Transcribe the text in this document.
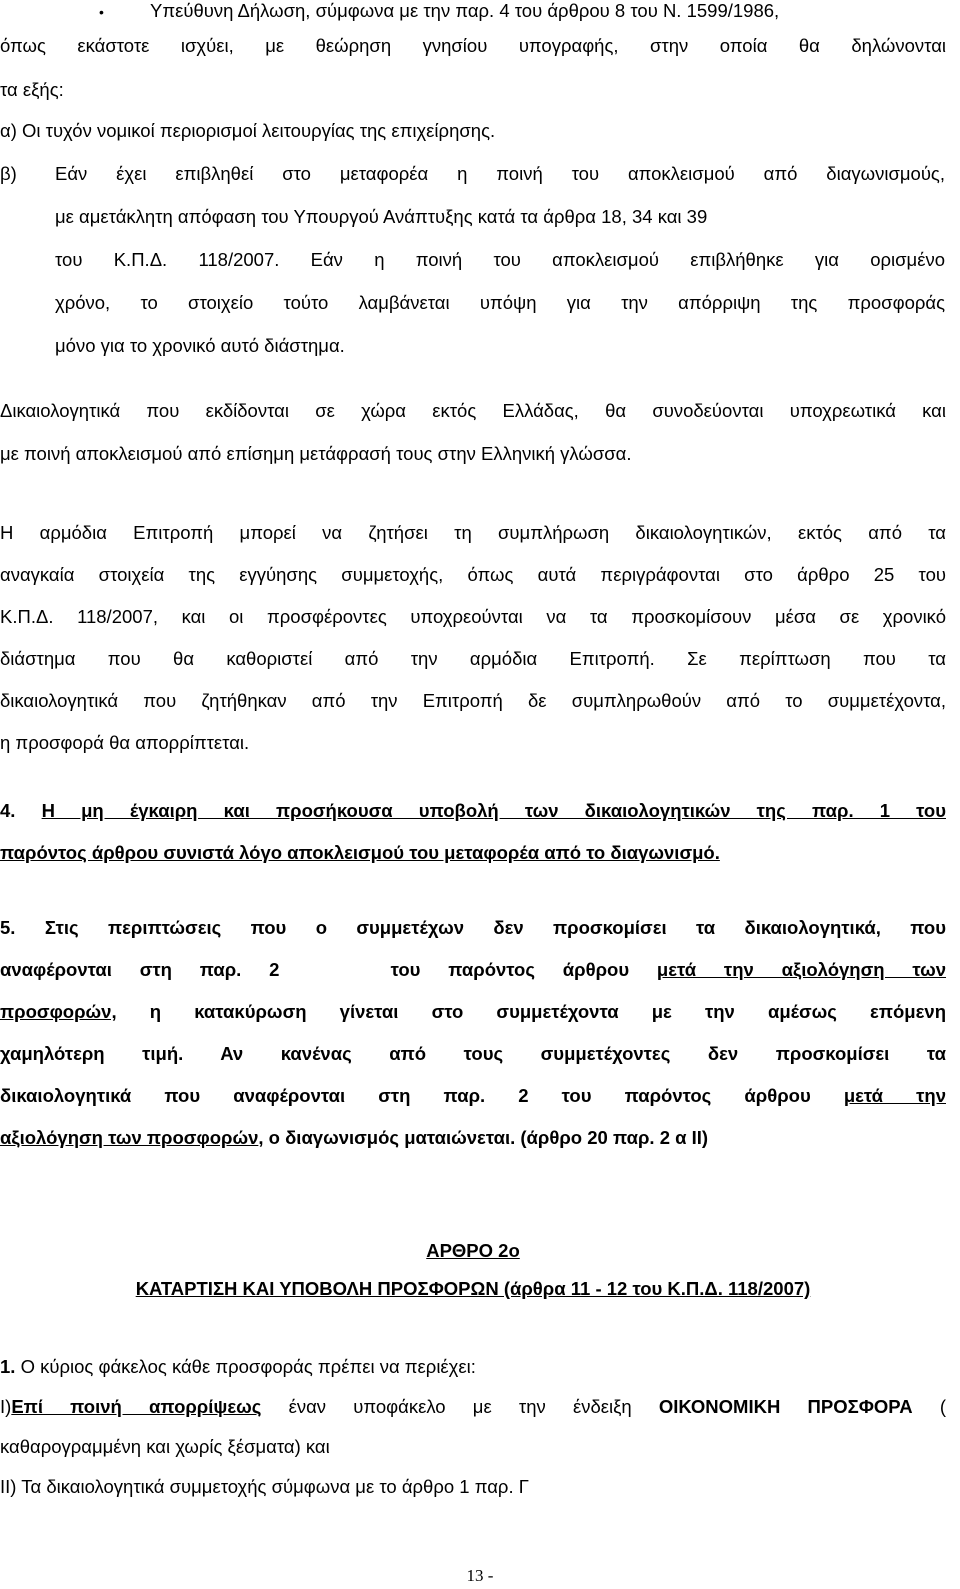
• Υπεύθυνη Δήλωση, σύμφωνα με την παρ. 4 του άρθρου 8 του Ν. 1599/1986,
όπως εκάστοτε ισχύει, με θεώρηση γνησίου υπογραφής, στην οποία θα δηλώνονται
τα εξής:
α) Οι τυχόν νομικοί περιορισμοί λειτουργίας της επιχείρησης.
β)	Εάν έχει επιβληθεί στο μεταφορέα η ποινή του αποκλεισμού από διαγωνισμούς,
με αμετάκλητη απόφαση του Υπουργού Ανάπτυξης κατά τα άρθρα 18, 34 και 39
του Κ.Π.Δ. 118/2007. Εάν η ποινή του αποκλεισμού επιβλήθηκε για ορισμένο
χρόνο, το στοιχείο τούτο λαμβάνεται υπόψη για την απόρριψη της προσφοράς
μόνο για το χρονικό αυτό διάστημα.
Δικαιολογητικά που εκδίδονται σε χώρα εκτός Ελλάδας, θα συνοδεύονται υποχρεωτικά και
με ποινή αποκλεισμού από επίσημη μετάφρασή τους στην Ελληνική γλώσσα.
Η αρμόδια Επιτροπή μπορεί να ζητήσει τη συμπλήρωση δικαιολογητικών, εκτός από τα
αναγκαία στοιχεία της εγγύησης συμμετοχής, όπως αυτά περιγράφονται στο άρθρο 25 του
Κ.Π.Δ. 118/2007, και οι προσφέροντες υποχρεούνται να τα προσκομίσουν μέσα σε χρονικό
διάστημα που θα καθοριστεί από την αρμόδια Επιτροπή. Σε περίπτωση που τα
δικαιολογητικά που ζητήθηκαν από την Επιτροπή δε συμπληρωθούν από το συμμετέχοντα,
η προσφορά θα απορρίπτεται.
4. Η μη έγκαιρη και προσήκουσα υποβολή των δικαιολογητικών της παρ. 1 του
παρόντος άρθρου συνιστά λόγο αποκλεισμού του μεταφορέα από το διαγωνισμό.
5. Στις περιπτώσεις που ο συμμετέχων δεν προσκομίσει τα δικαιολογητικά, που
αναφέρονται στη παρ. 2	του παρόντος άρθρου μετά την αξιολόγηση των
προσφορών, η κατακύρωση γίνεται στο συμμετέχοντα με την αμέσως επόμενη
χαμηλότερη τιμή. Αν κανένας από τους συμμετέχοντες δεν προσκομίσει τα
δικαιολογητικά που αναφέρονται στη παρ. 2 του παρόντος άρθρου μετά την
αξιολόγηση των προσφορών, ο διαγωνισμός ματαιώνεται. (άρθρο 20 παρ. 2 α ΙΙ)
ΑΡΘΡΟ 2ο
ΚΑΤΑΡΤΙΣΗ ΚΑΙ ΥΠΟΒΟΛΗ ΠΡΟΣΦΟΡΩΝ (άρθρα 11 - 12 του Κ.Π.Δ. 118/2007)
1. Ο κύριος φάκελος κάθε προσφοράς πρέπει να περιέχει:
Ι)Επί ποινή απορρίψεως έναν υποφάκελο με την ένδειξη ΟΙΚΟΝΟΜΙΚΗ ΠΡΟΣΦΟΡΑ (
καθαρογραμμένη και χωρίς ξέσματα) και
ΙΙ) Τα δικαιολογητικά συμμετοχής σύμφωνα με το άρθρο 1 παρ. Γ
13 -
